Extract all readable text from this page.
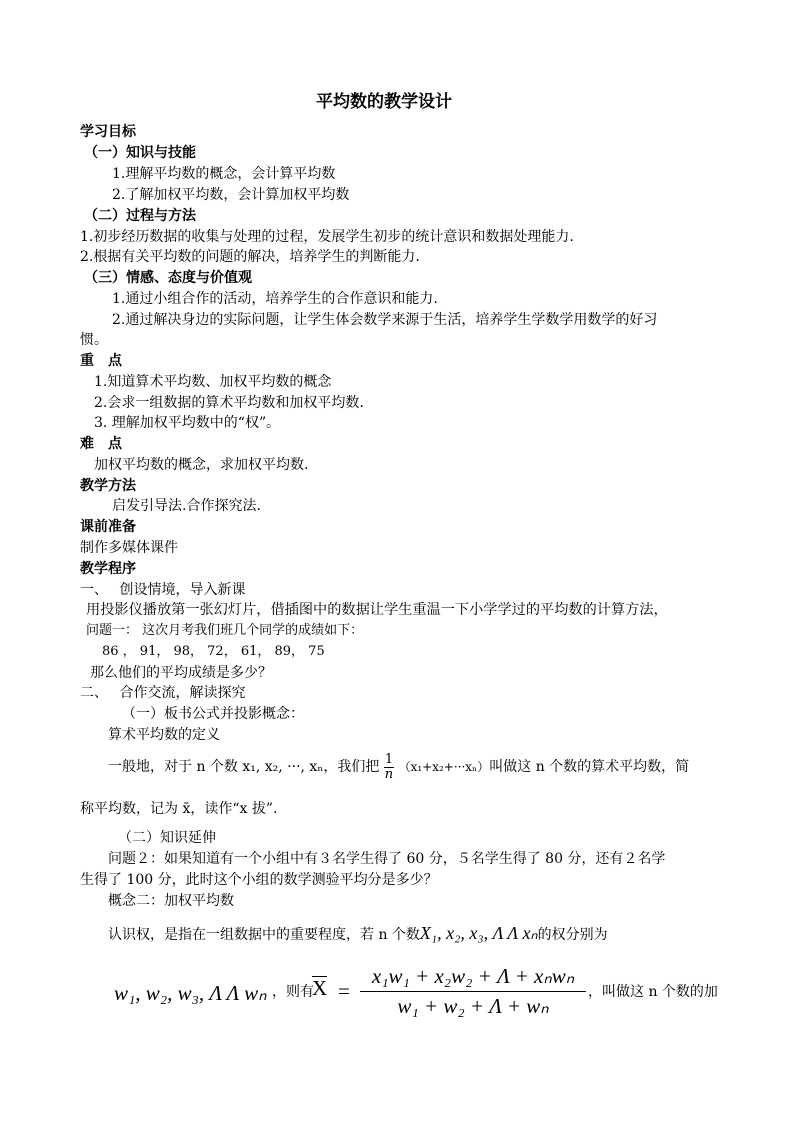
平均数的教学设计
学习目标
（一）知识与技能
1.理解平均数的概念，会计算平均数
2.了解加权平均数，会计算加权平均数
（二）过程与方法
1.初步经历数据的收集与处理的过程，发展学生初步的统计意识和数据处理能力.
2.根据有关平均数的问题的解决，培养学生的判断能力.
（三）情感、态度与价值观
1.通过小组合作的活动，培养学生的合作意识和能力.
2.通过解决身边的实际问题，让学生体会数学来源于生活，培养学生学数学用数学的好习
惯。
重　点
1.知道算术平均数、加权平均数的概念
2.会求一组数据的算术平均数和加权平均数.
3. 理解加权平均数中的“权”。
难　点
加权平均数的概念，求加权平均数.
教学方法
启发引导法.合作探究法.
课前准备
制作多媒体课件
教学程序
一、　 创设情境，导入新课
用投影仪播放第一张幻灯片，借插图中的数据让学生重温一下小学学过的平均数的计算方法，
问题一： 这次月考我们班几个同学的成绩如下：
86 ， 91， 98， 72， 61， 89， 75
那么他们的平均成绩是多少？
二、　 合作交流，解读探究
（一）板书公式并投影概念：
算术平均数的定义
一般地，对于 n 个数 x₁, x₂, ···, xₙ，我们把 $\frac{1}{n} (x_1+x_2+\cdot\cdot\cdot x_n)$叫做这 n 个数的算术平均数，简
称平均数，记为 x̄，读作“x 拔”.
（二）知识延伸
问题２：如果知道有一个小组中有３名学生得了 60 分，５名学生得了 80 分，还有２名学
生得了 100 分，此时这个小组的数学测验平均分是多少？
概念二：加权平均数
认识权，是指在一组数据中的重要程度，若 n 个数X₁, x₂, x₃, Λ Λ xₙ的权分别为
w₁, w₂, w₃, Λ Λ wₙ ，则有
X =
x₁w₁ + x₂w₂ + Λ + xₙwₙ
w₁ + w₂ + Λ + wₙ
，叫做这 n 个数的加
